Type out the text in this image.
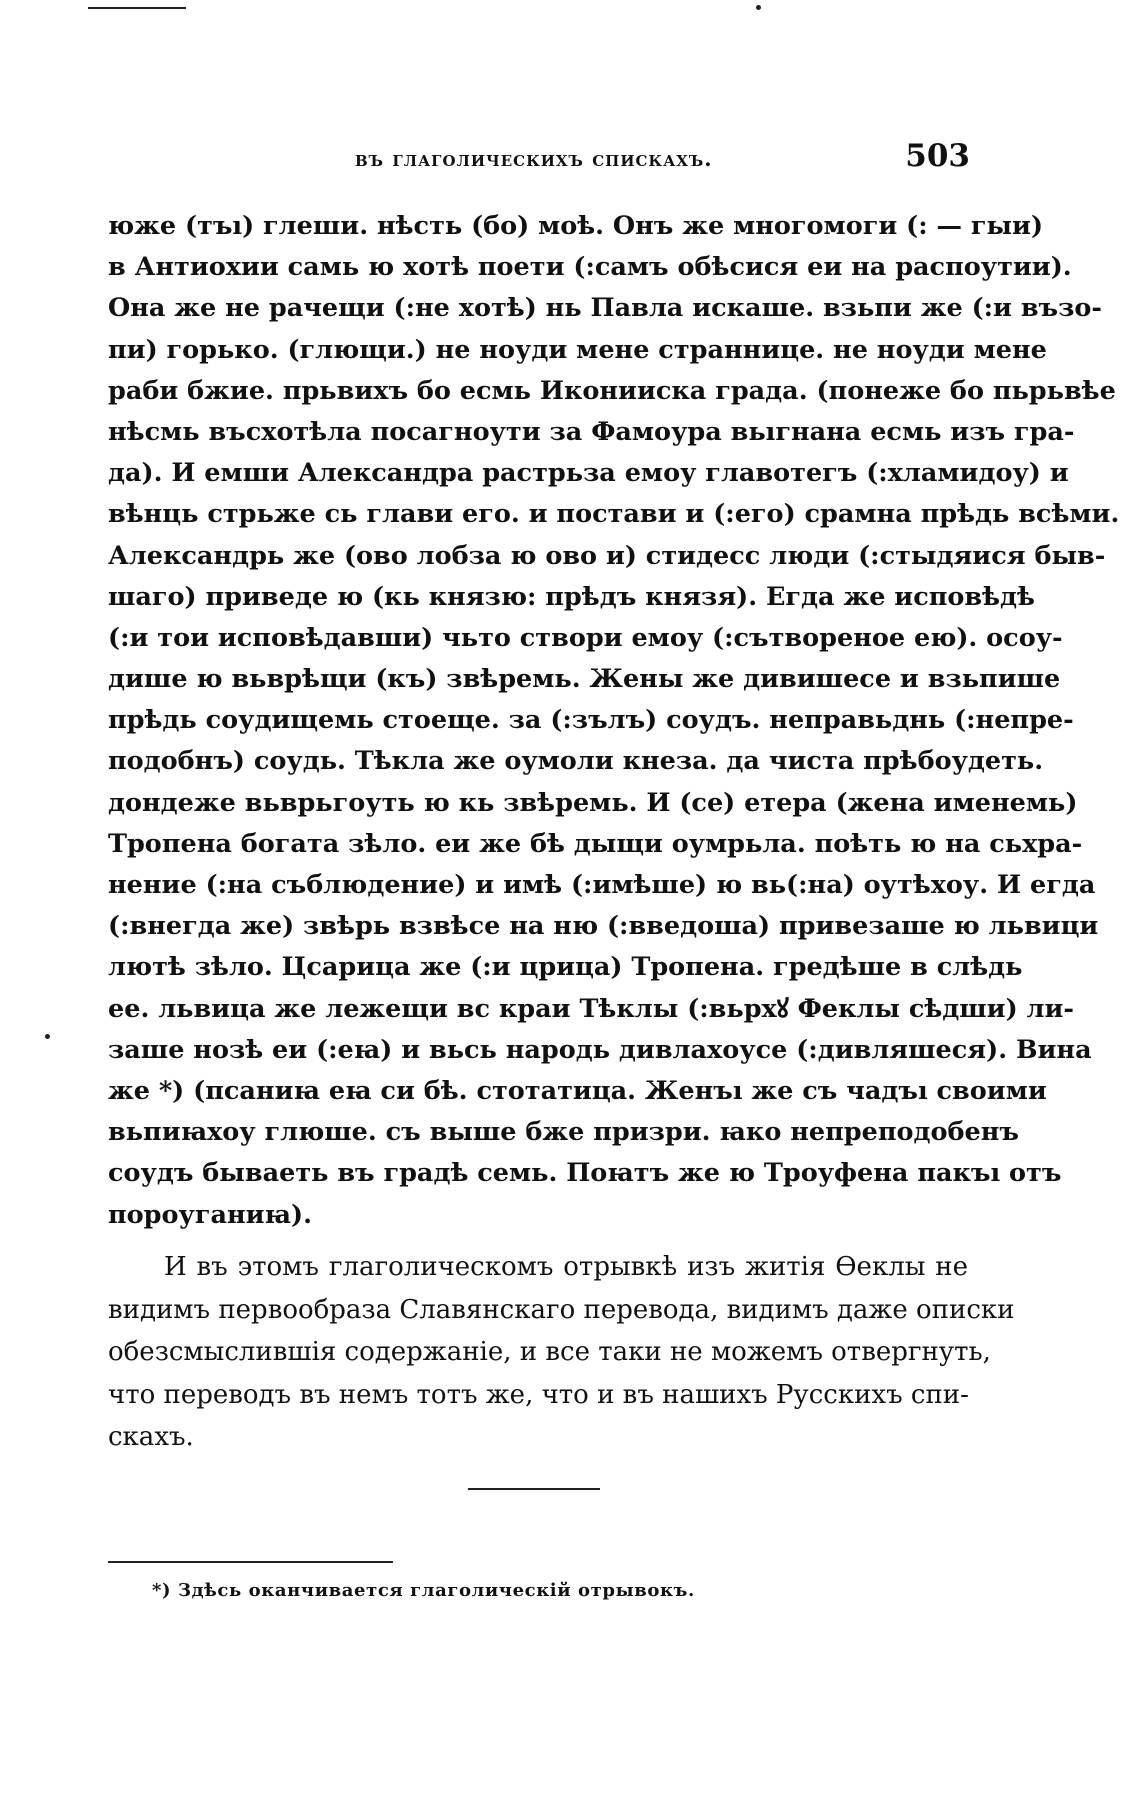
въ глаголическихъ спискахъ.	503
юже (тъı) глеши. нѣсть (бо) моѣ. Онъ же многомоги (: — гыи)
в Антиохии самь ю хотѣ поети (:самъ обѣсися еи на распоутии).
Она же не рачещи (:не хотѣ) нь Павла искаше. взьпи же (:и възо-
пи) горько. (глющи.) не ноуди мене страннице. не ноуди мене
раби бжие. прьвихъ бо есмь Иконииска града. (понеже бо пьрьвѣе
нѣсмь въсхотѣла посагноути за Фамоура вьıгнана есмь изъ гра-
да). И емши Александра растрьза емоу главотегъ (:хламидоу) и
вѣнць стрьже сь глави его. и постави и (:его) срамна прѣдь всѣми.
Александрь же (ово лобза ю ово и) стидесс люди (:стыдяися быв-
шаго) приведе ю (кь князю: прѣдъ князя). Егда же исповѣдѣ
(:и тои исповѣдавши) чьто створи емоу (:сътвореное ею). осоу-
дише ю вьврѣщи (къ) звѣремь. Жены же дивишесе и взьпише
прѣдь соудищемь стоеще. за (:зълъ) соудъ. неправьднь (:непре-
подобнъ) соудь. Тѣкла же оумоли кнеза. да чиста прѣбоудеть.
дондеже вьврьгоуть ю кь звѣремь. И (се) етера (жена именемь)
Тропена богата зѣло. еи же бѣ дыщи оумрьла. поѣть ю на сьхра-
нение (:на съблюдение) и имѣ (:имѣше) ю вь(:на) оутѣхоу. И егда
(:внегда же) звѣрь взвѣсе на ню (:введоша) привезаше ю львици
лютѣ зѣло. Цсарица же (:и црица) Тропена. гредѣше в слѣдь
ее. львица же лежещи вс краи Тѣклы (:вьрхꙋ Феклы сѣдши) ли-
заше нозѣ еи (:еꙗ) и вьсь народь дивлахоусе (:дивляшеся). Вина
же *) (псаниꙗ еꙗ си бѣ. стотатица. Женъı же съ чадъı своими
вьпиꙗхоу глюше. съ выше бже призри. ꙗко непреподобенъ
соудъ бываеть въ градѣ семь. Поꙗтъ же ю Троуфена пакъı отъ
пороуганиꙗ).
И въ этомъ глаголическомъ отрывкѣ изъ житія Ѳеклы не
видимъ первообраза Славянскаго перевода, видимъ даже описки
обезсмыслившія содержаніе, и все таки не можемъ отвергнуть,
что переводъ въ немъ тотъ же, что и въ нашихъ Русскихъ спи-
скахъ.
*) Здѣсь оканчивается глаголическій отрывокъ.
